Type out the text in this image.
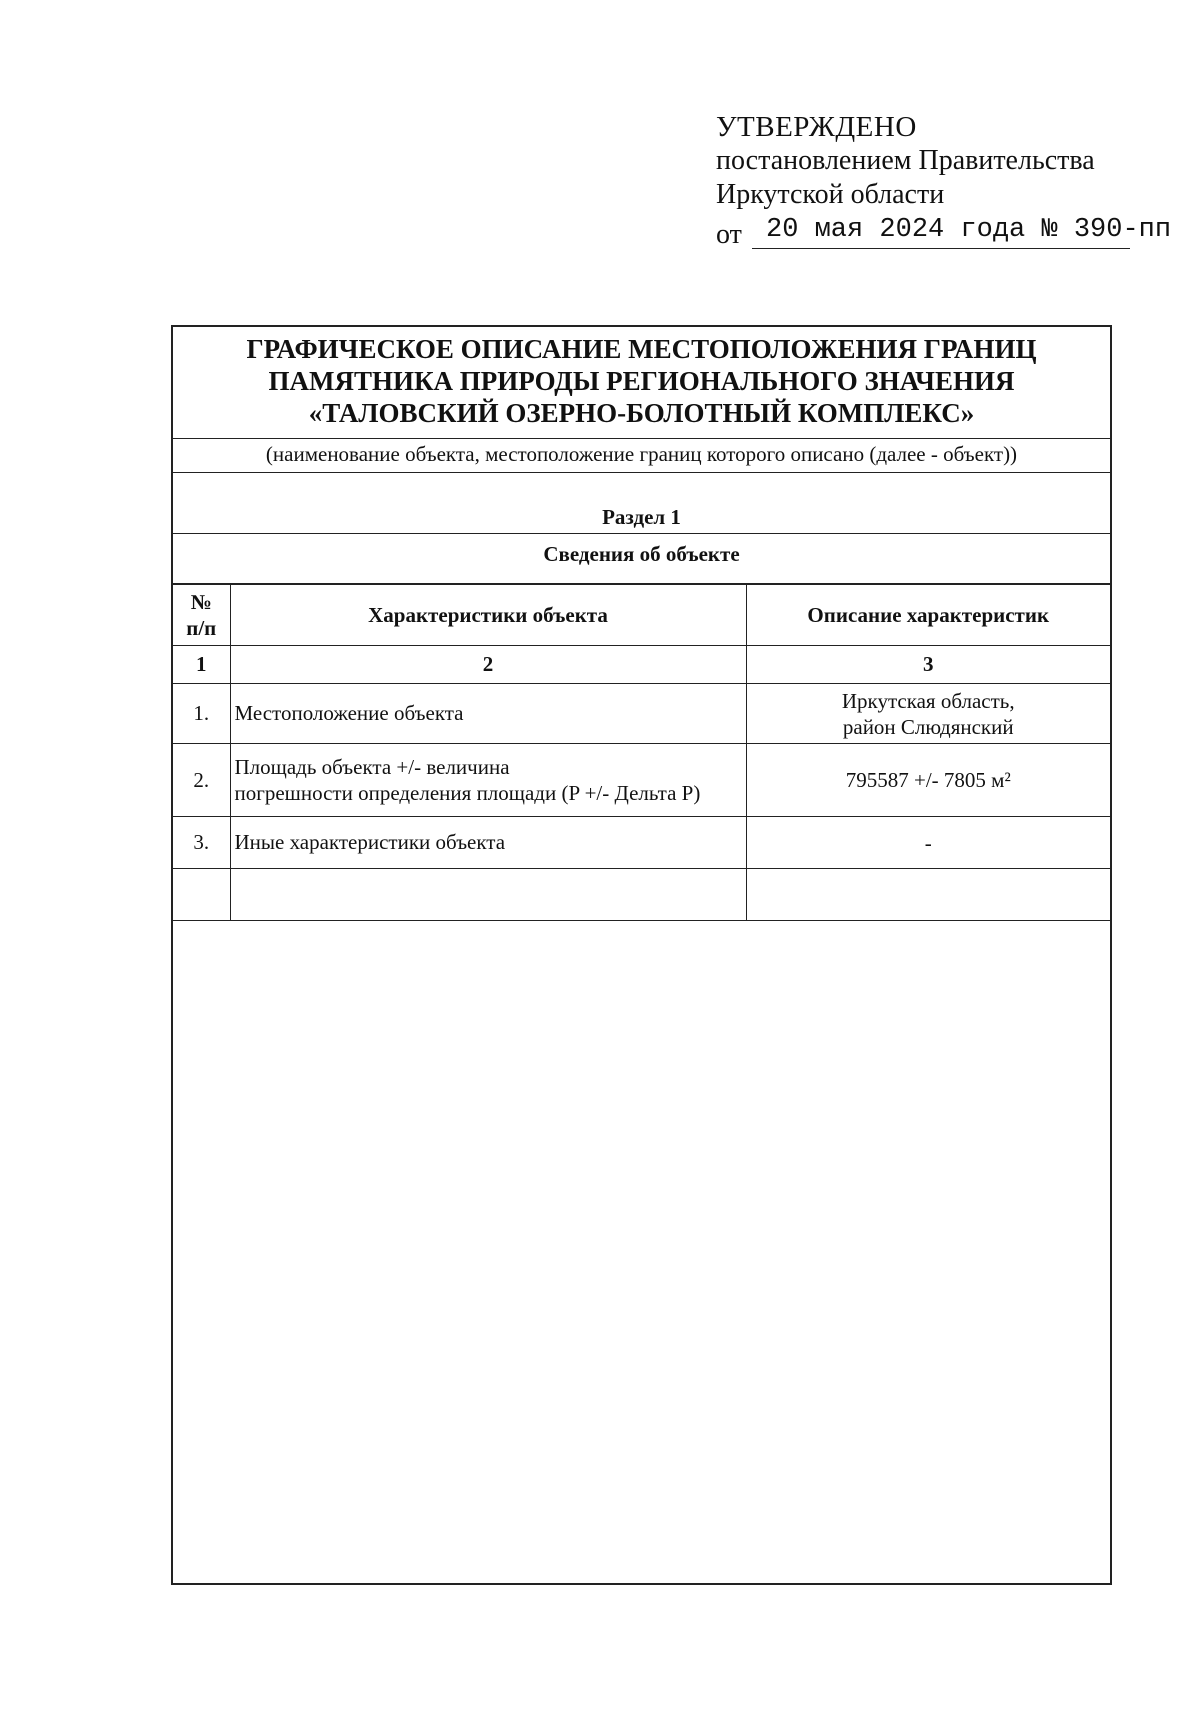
УТВЕРЖДЕНО
постановлением Правительства
Иркутской области
от 20 мая 2024 года № 390-пп
ГРАФИЧЕСКОЕ ОПИСАНИЕ МЕСТОПОЛОЖЕНИЯ ГРАНИЦ
ПАМЯТНИКА ПРИРОДЫ РЕГИОНАЛЬНОГО ЗНАЧЕНИЯ
«ТАЛОВСКИЙ ОЗЕРНО-БОЛОТНЫЙ КОМПЛЕКС»
(наименование объекта, местоположение границ которого описано (далее - объект))
Раздел 1
Сведения об объекте
№
п/п	Характеристики объекта	Описание характеристик
1	2	3
1.	Местоположение объекта	Иркутская область,
район Слюдянский

2.	Площадь объекта +/- величина
погрешности определения площади (P +/- Дельта P)	795587 +/- 7805 м²
3.	Иные характеристики объекта	-
